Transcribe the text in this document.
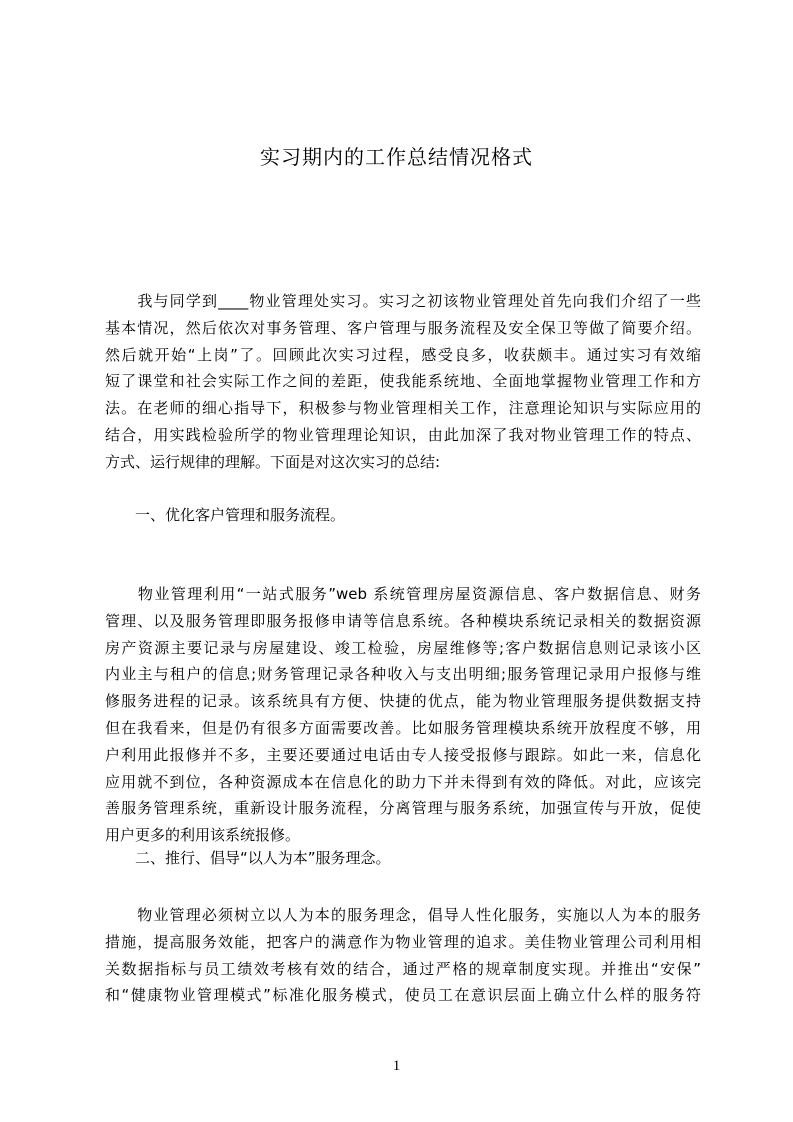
实习期内的工作总结情况格式
　　我与同学到____物业管理处实习。实习之初该物业管理处首先向我们介绍了一些
基本情况，然后依次对事务管理、客户管理与服务流程及安全保卫等做了简要介绍。
然后就开始“上岗”了。回顾此次实习过程，感受良多，收获颇丰。通过实习有效缩
短了课堂和社会实际工作之间的差距，使我能系统地、全面地掌握物业管理工作和方
法。在老师的细心指导下，积极参与物业管理相关工作，注意理论知识与实际应用的
结合，用实践检验所学的物业管理理论知识，由此加深了我对物业管理工作的特点、
方式、运行规律的理解。下面是对这次实习的总结:
　　一、优化客户管理和服务流程。
　　物业管理利用“一站式服务”web 系统管理房屋资源信息、客户数据信息、财务
管理、以及服务管理即服务报修申请等信息系统。各种模块系统记录相关的数据资源
房产资源主要记录与房屋建设、竣工检验，房屋维修等;客户数据信息则记录该小区
内业主与租户的信息;财务管理记录各种收入与支出明细;服务管理记录用户报修与维
修服务进程的记录。该系统具有方便、快捷的优点，能为物业管理服务提供数据支持
但在我看来，但是仍有很多方面需要改善。比如服务管理模块系统开放程度不够，用
户利用此报修并不多，主要还要通过电话由专人接受报修与跟踪。如此一来，信息化
应用就不到位，各种资源成本在信息化的助力下并未得到有效的降低。对此，应该完
善服务管理系统，重新设计服务流程，分离管理与服务系统，加强宣传与开放，促使
用户更多的利用该系统报修。
　　二、推行、倡导“以人为本”服务理念。
　　物业管理必须树立以人为本的服务理念，倡导人性化服务，实施以人为本的服务
措施，提高服务效能，把客户的满意作为物业管理的追求。美佳物业管理公司利用相
关数据指标与员工绩效考核有效的结合，通过严格的规章制度实现。并推出“安保”
和“健康物业管理模式”标准化服务模式，使员工在意识层面上确立什么样的服务符
1
